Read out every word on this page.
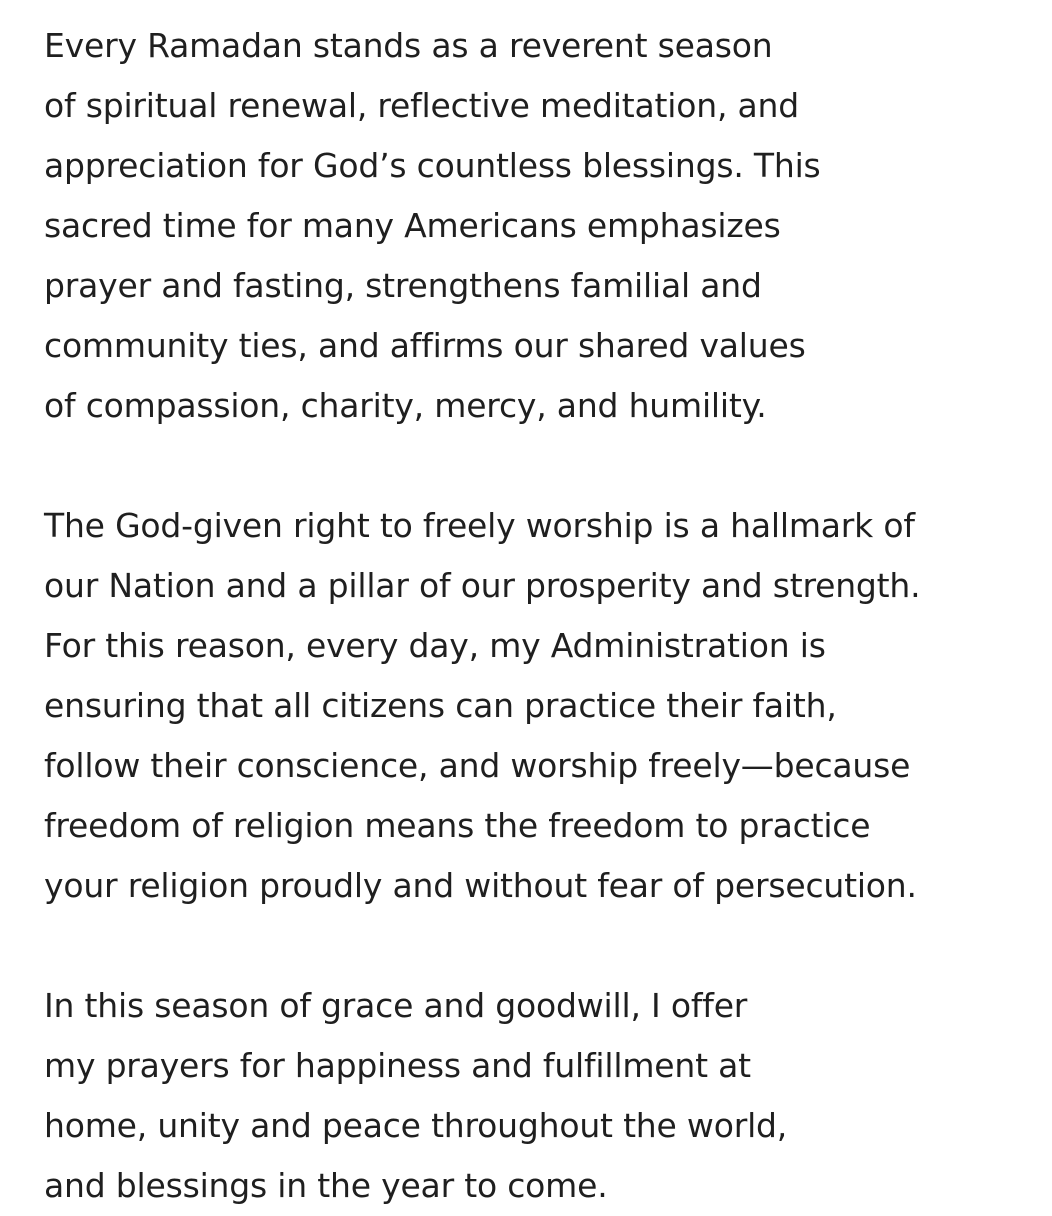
Every Ramadan stands as a reverent season
of spiritual renewal, reflective meditation, and
appreciation for God’s countless blessings. This
sacred time for many Americans emphasizes
prayer and fasting, strengthens familial and
community ties, and affirms our shared values
of compassion, charity, mercy, and humility.

The God-given right to freely worship is a hallmark of
our Nation and a pillar of our prosperity and strength.
For this reason, every day, my Administration is
ensuring that all citizens can practice their faith,
follow their conscience, and worship freely—because
freedom of religion means the freedom to practice
your religion proudly and without fear of persecution.

In this season of grace and goodwill, I offer
my prayers for happiness and fulfillment at
home, unity and peace throughout the world,
and blessings in the year to come.
